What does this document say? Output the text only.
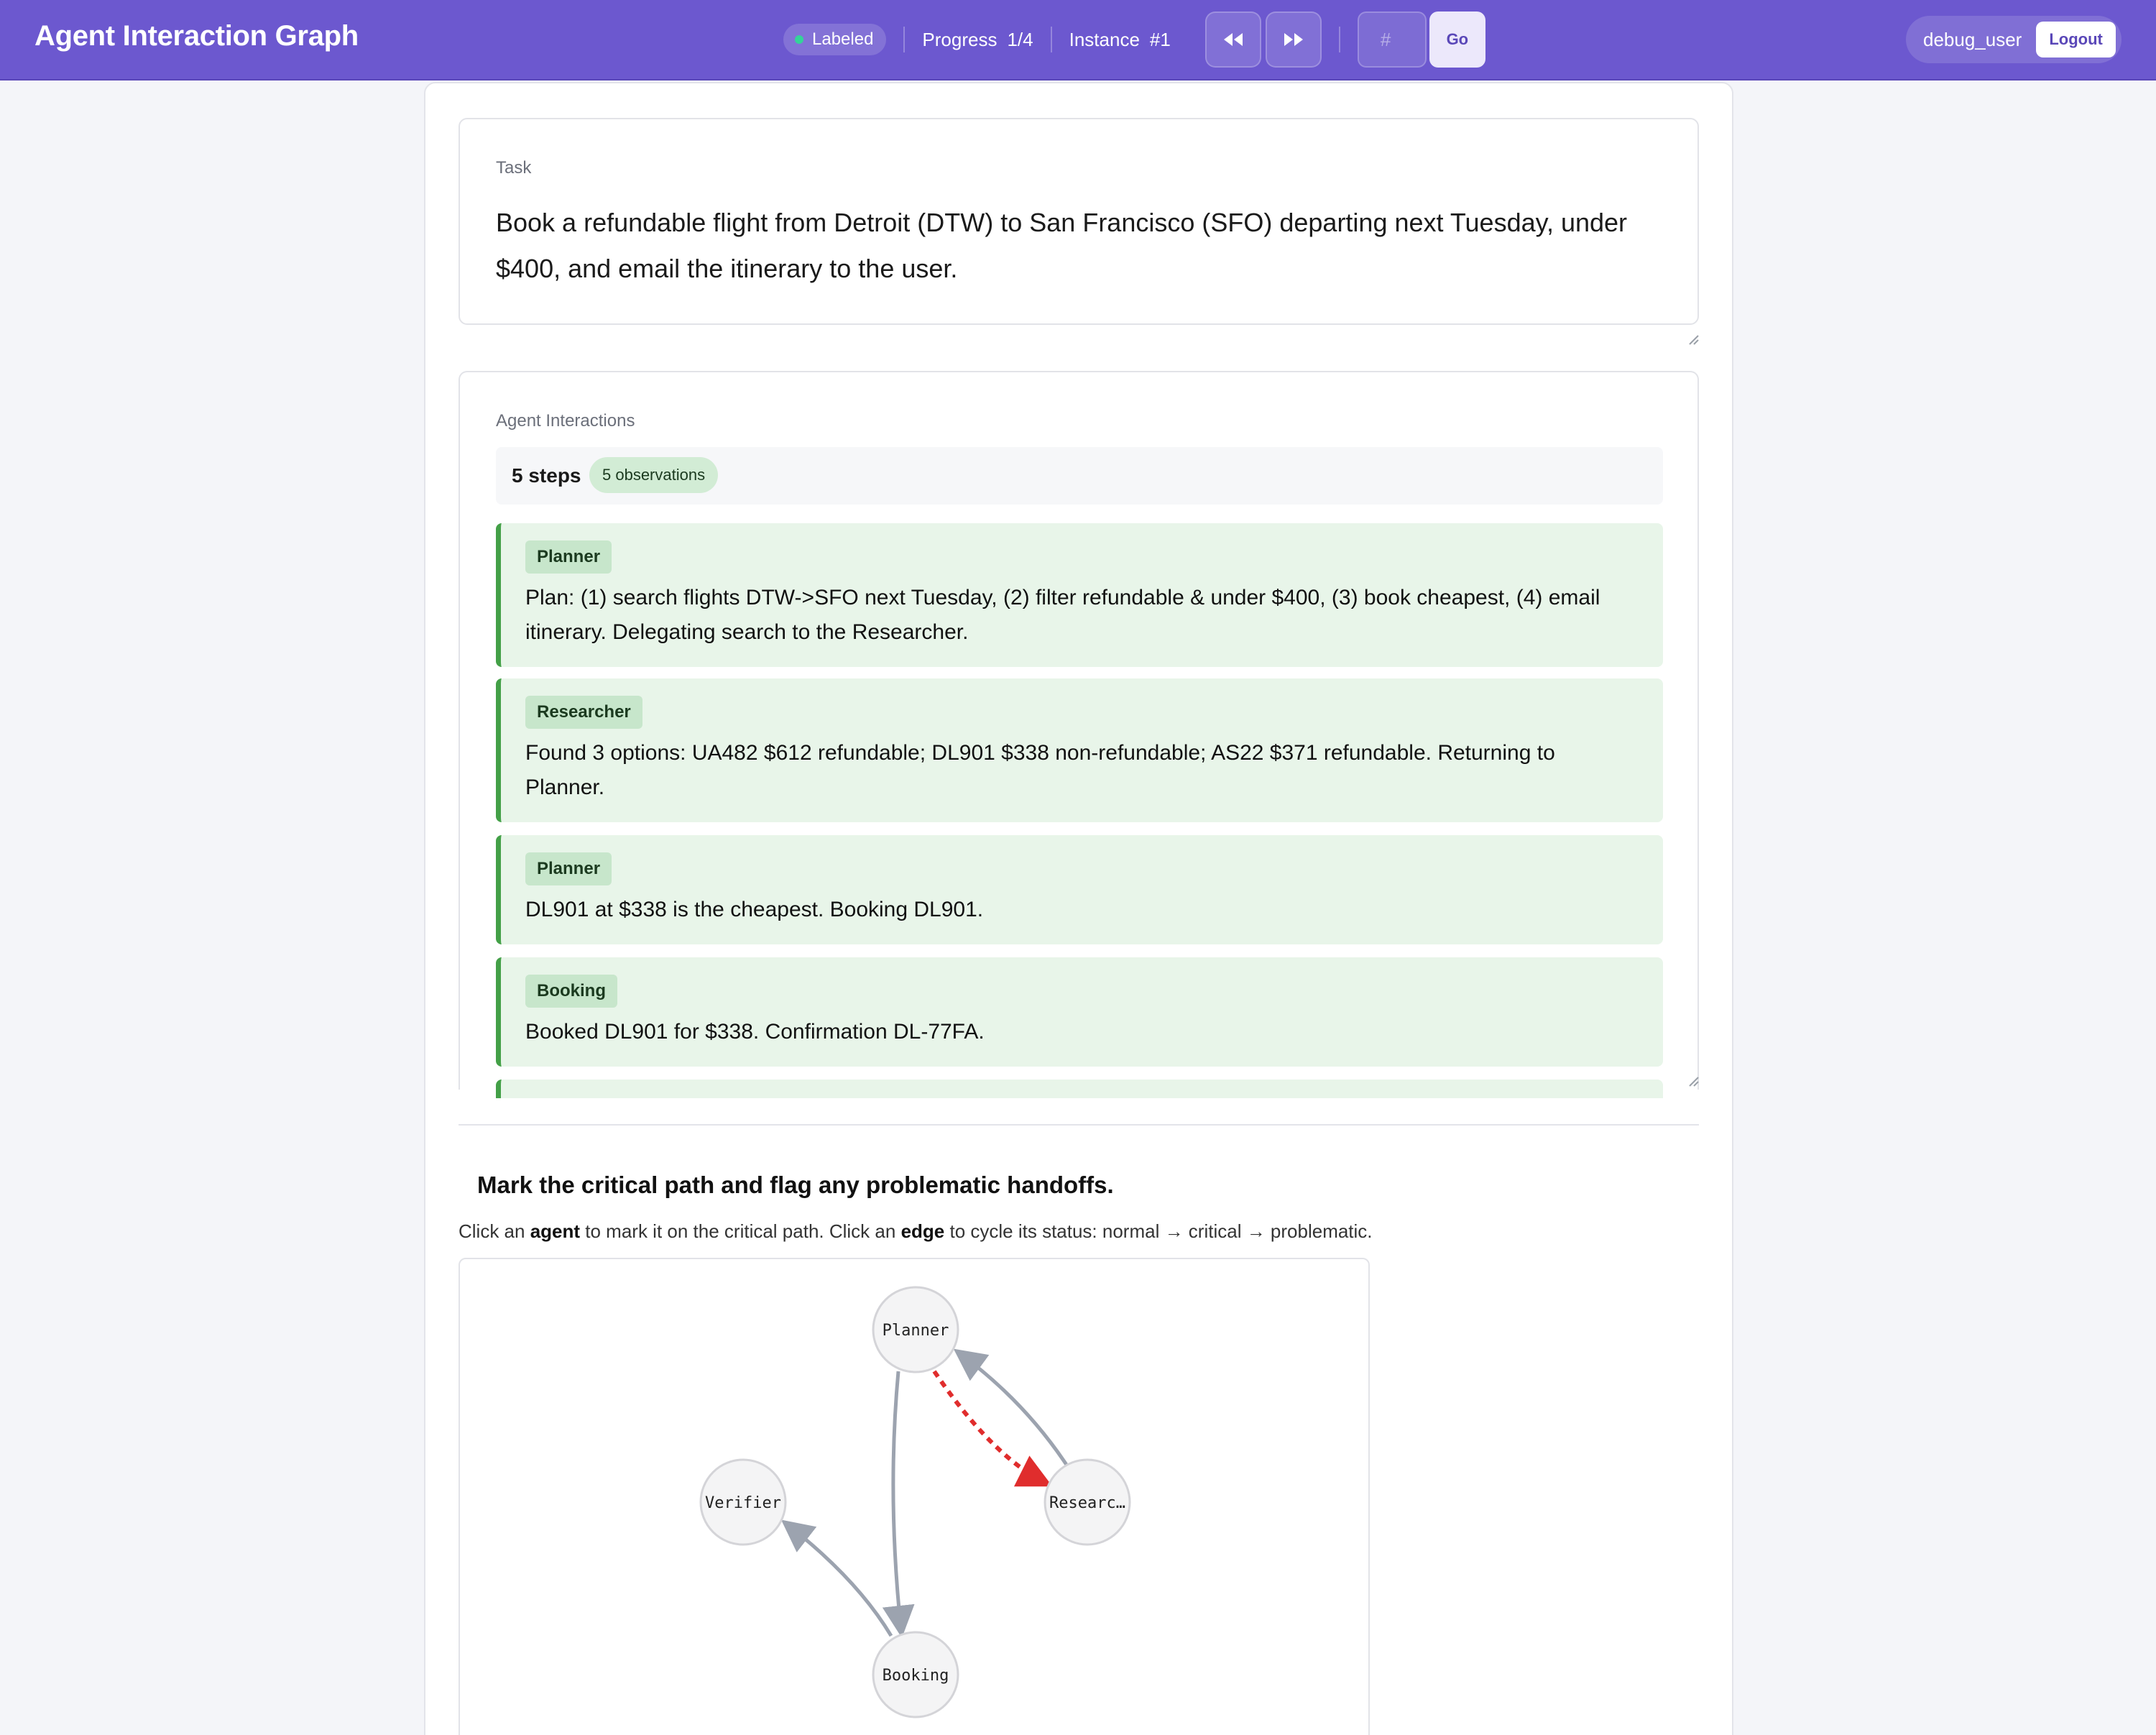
Agent Interaction Graph	Labeled	Progress 1/4 Instance #1
#	Go	debug_user	Logout
Task
Book a refundable flight from Detroit (DTW) to San Francisco (SFO) departing next Tuesday, under $400, and email the itinerary to the user.
Agent Interactions
5 steps	5 observations
Planner
Plan: (1) search flights DTW->SFO next Tuesday, (2) filter refundable & under $400, (3) book cheapest, (4) email itinerary. Delegating search to the Researcher.
Researcher
Found 3 options: UA482 $612 refundable; DL901 $338 non-refundable; AS22 $371 refundable. Returning to Planner.
Planner
DL901 at $338 is the cheapest. Booking DL901.
Booking
Booked DL901 for $338. Confirmation DL-77FA.
Mark the critical path and flag any problematic handoffs.
Click an agent to mark it on the critical path. Click an edge to cycle its status: normal → critical → problematic.
Planner
Verifier	Researc…
Booking
